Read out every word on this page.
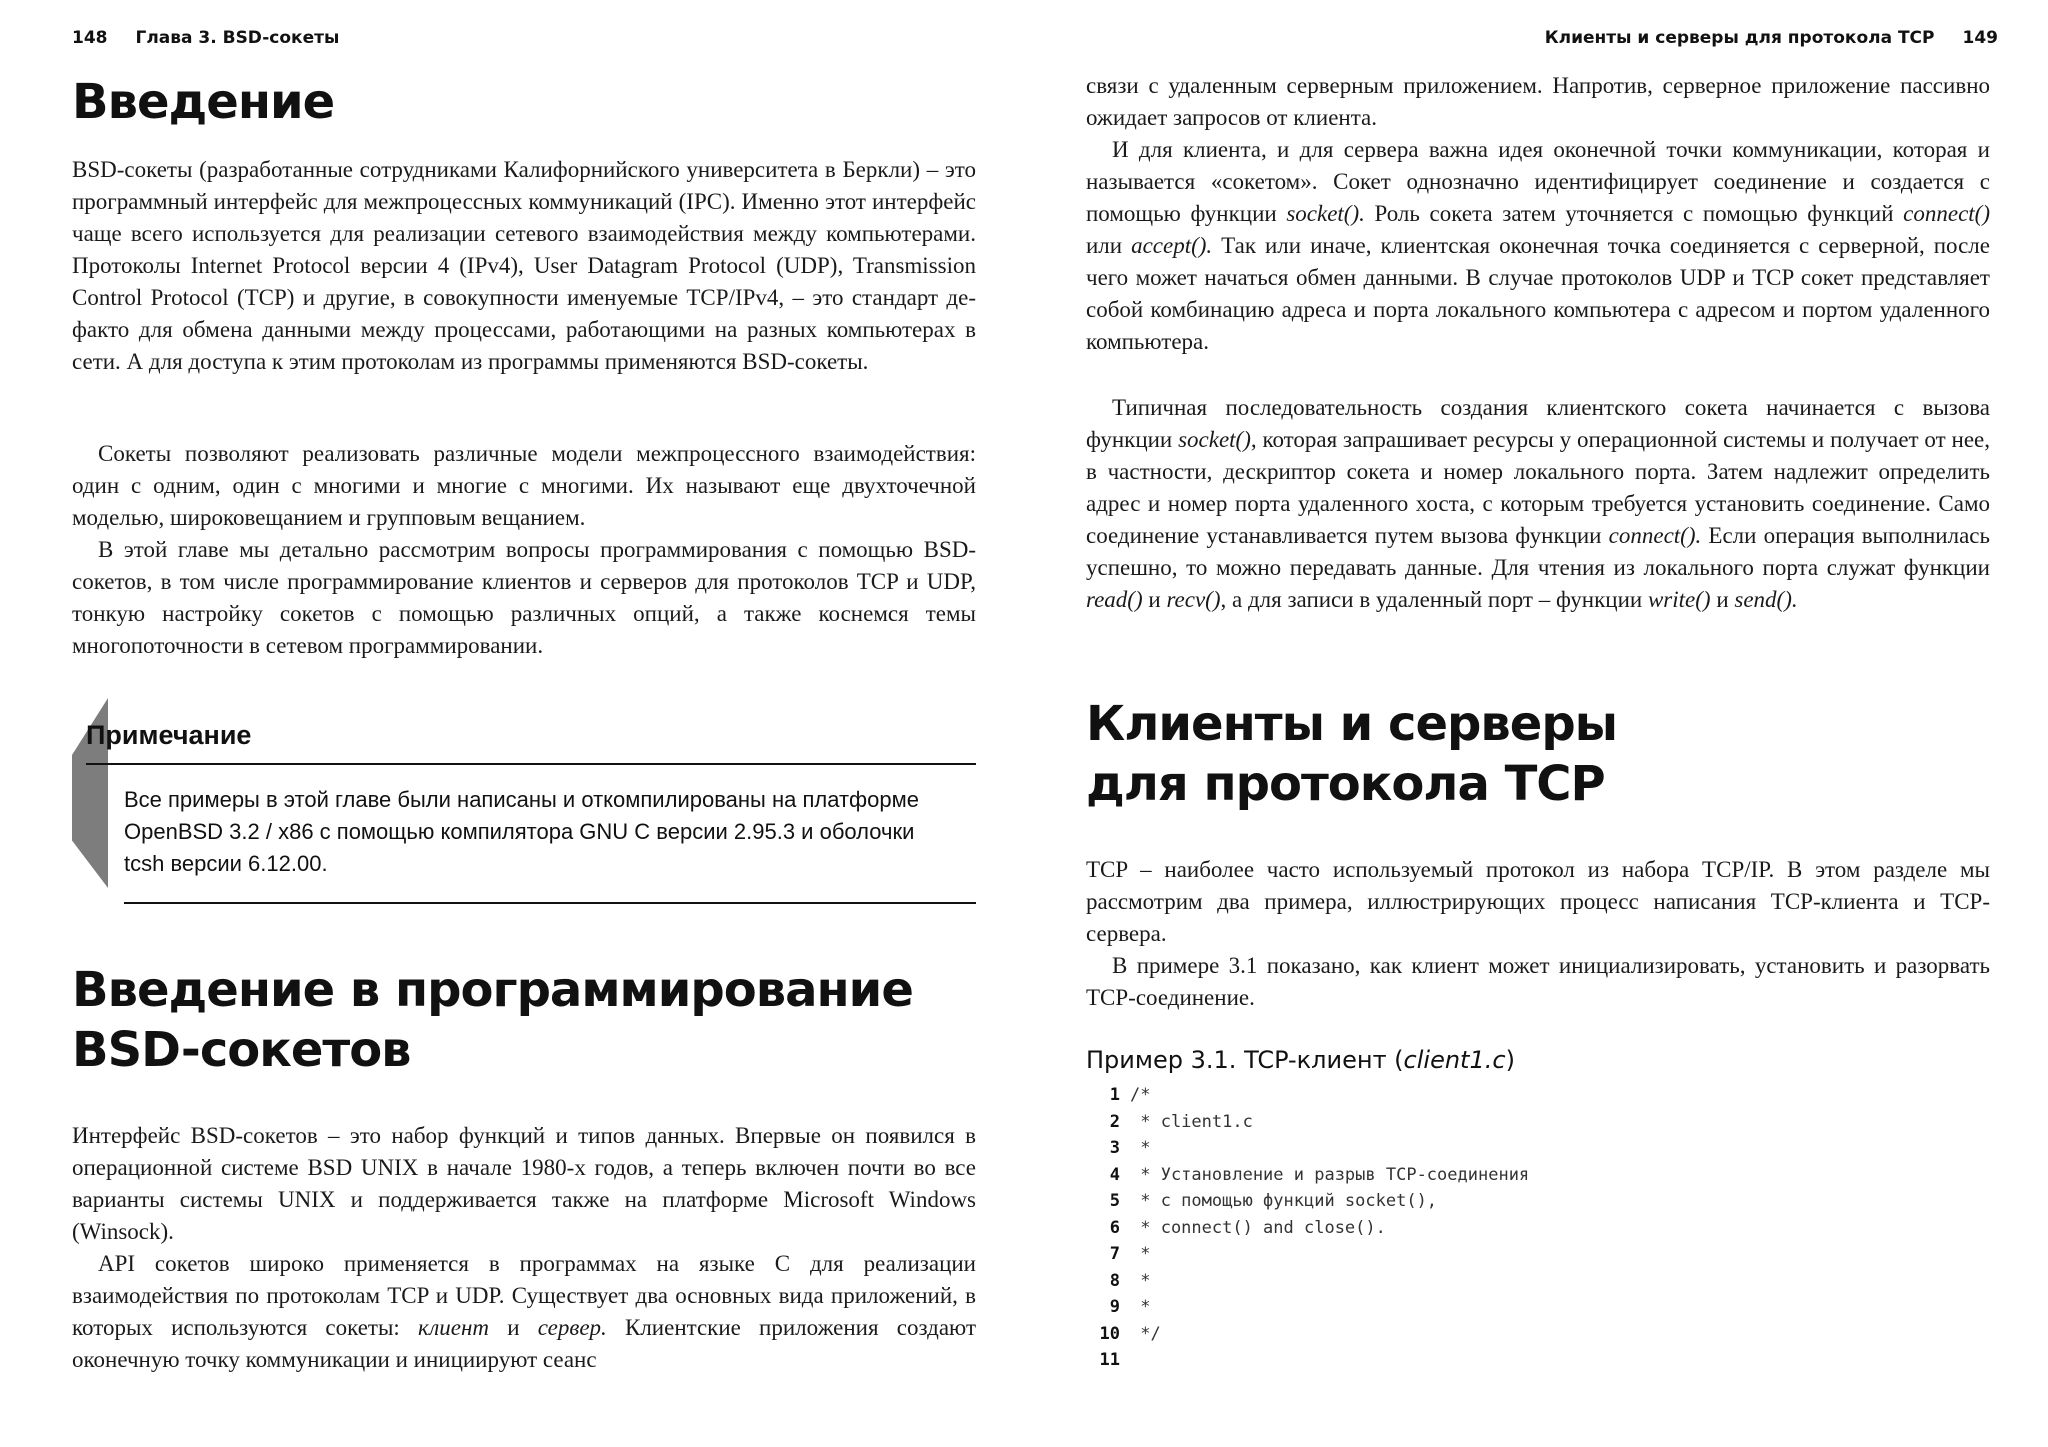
148 Глава 3. BSD-сокеты
Введение

BSD-сокеты (разработанные сотрудниками Калифорнийского университета в Беркли) – это программный интерфейс для межпроцессных коммуникаций (IPC). Именно этот интерфейс чаще всего используется для реализации сетевого взаимодействия между компьютерами. Протоколы Internet Protocol версии 4 (IPv4), User Datagram Protocol (UDP), Transmission Control Protocol (TCP) и другие, в совокупности именуемые TCP/IPv4, – это стандарт де-факто для обмена данными между процессами, работающими на разных компьютерах в сети. А для доступа к этим протоколам из программы применяются BSD-сокеты.

Сокеты позволяют реализовать различные модели межпроцессного взаимодействия: один с одним, один с многими и многие с многими. Их называют еще двухточечной моделью, широковещанием и групповым вещанием.

В этой главе мы детально рассмотрим вопросы программирования с помощью BSD-сокетов, в том числе программирование клиентов и серверов для протоколов TCP и UDP, тонкую настройку сокетов с помощью различных опций, а также коснемся темы многопоточности в сетевом программировании.

Примечание
Все примеры в этой главе были написаны и откомпилированы на платформе OpenBSD 3.2 / x86 с помощью компилятора GNU C версии 2.95.3 и оболочки tcsh версии 6.12.00.
Введение в программирование
BSD-сокетов

Интерфейс BSD-сокетов – это набор функций и типов данных. Впервые он появился в операционной системе BSD UNIX в начале 1980-х годов, а теперь включен почти во все варианты системы UNIX и поддерживается также на платформе Microsoft Windows (Winsock).

API сокетов широко применяется в программах на языке С для реализации взаимодействия по протоколам TCP и UDP. Существует два основных вида приложений, в которых используются сокеты: клиент и сервер. Клиентские приложения создают оконечную точку коммуникации и инициируют сеанс

Клиенты и серверы для протокола TCP 149

связи с удаленным серверным приложением. Напротив, серверное приложение пассивно ожидает запросов от клиента.

И для клиента, и для сервера важна идея оконечной точки коммуникации, которая и называется «сокетом». Сокет однозначно идентифицирует соединение и создается с помощью функции socket(). Роль сокета затем уточняется с помощью функций connect() или accept(). Так или иначе, клиентская оконечная точка соединяется с серверной, после чего может начаться обмен данными. В случае протоколов UDP и TCP сокет представляет собой комбинацию адреса и порта локального компьютера с адресом и портом удаленного компьютера.

Типичная последовательность создания клиентского сокета начинается с вызова функции socket(), которая запрашивает ресурсы у операционной системы и получает от нее, в частности, дескриптор сокета и номер локального порта. Затем надлежит определить адрес и номер порта удаленного хоста, с которым требуется установить соединение. Само соединение устанавливается путем вызова функции connect(). Если операция выполнилась успешно, то можно передавать данные. Для чтения из локального порта служат функции read() и recv(), а для записи в удаленный порт – функции write() и send().

Клиенты и серверы
для протокола TCP

TCP – наиболее часто используемый протокол из набора TCP/IP. В этом разделе мы рассмотрим два примера, иллюстрирующих процесс написания TCP-клиента и TCP-сервера.

В примере 3.1 показано, как клиент может инициализировать, установить и разорвать TCP-соединение.

Пример 3.1. TCP-клиент (client1.c)
1 /*
2 * client1.c
3 *
4 * Установление и разрыв TCP-соединения
5 * с помощью функций socket(),
6 * connect() and close().
7 *
8 *
9 *
10 */
11
